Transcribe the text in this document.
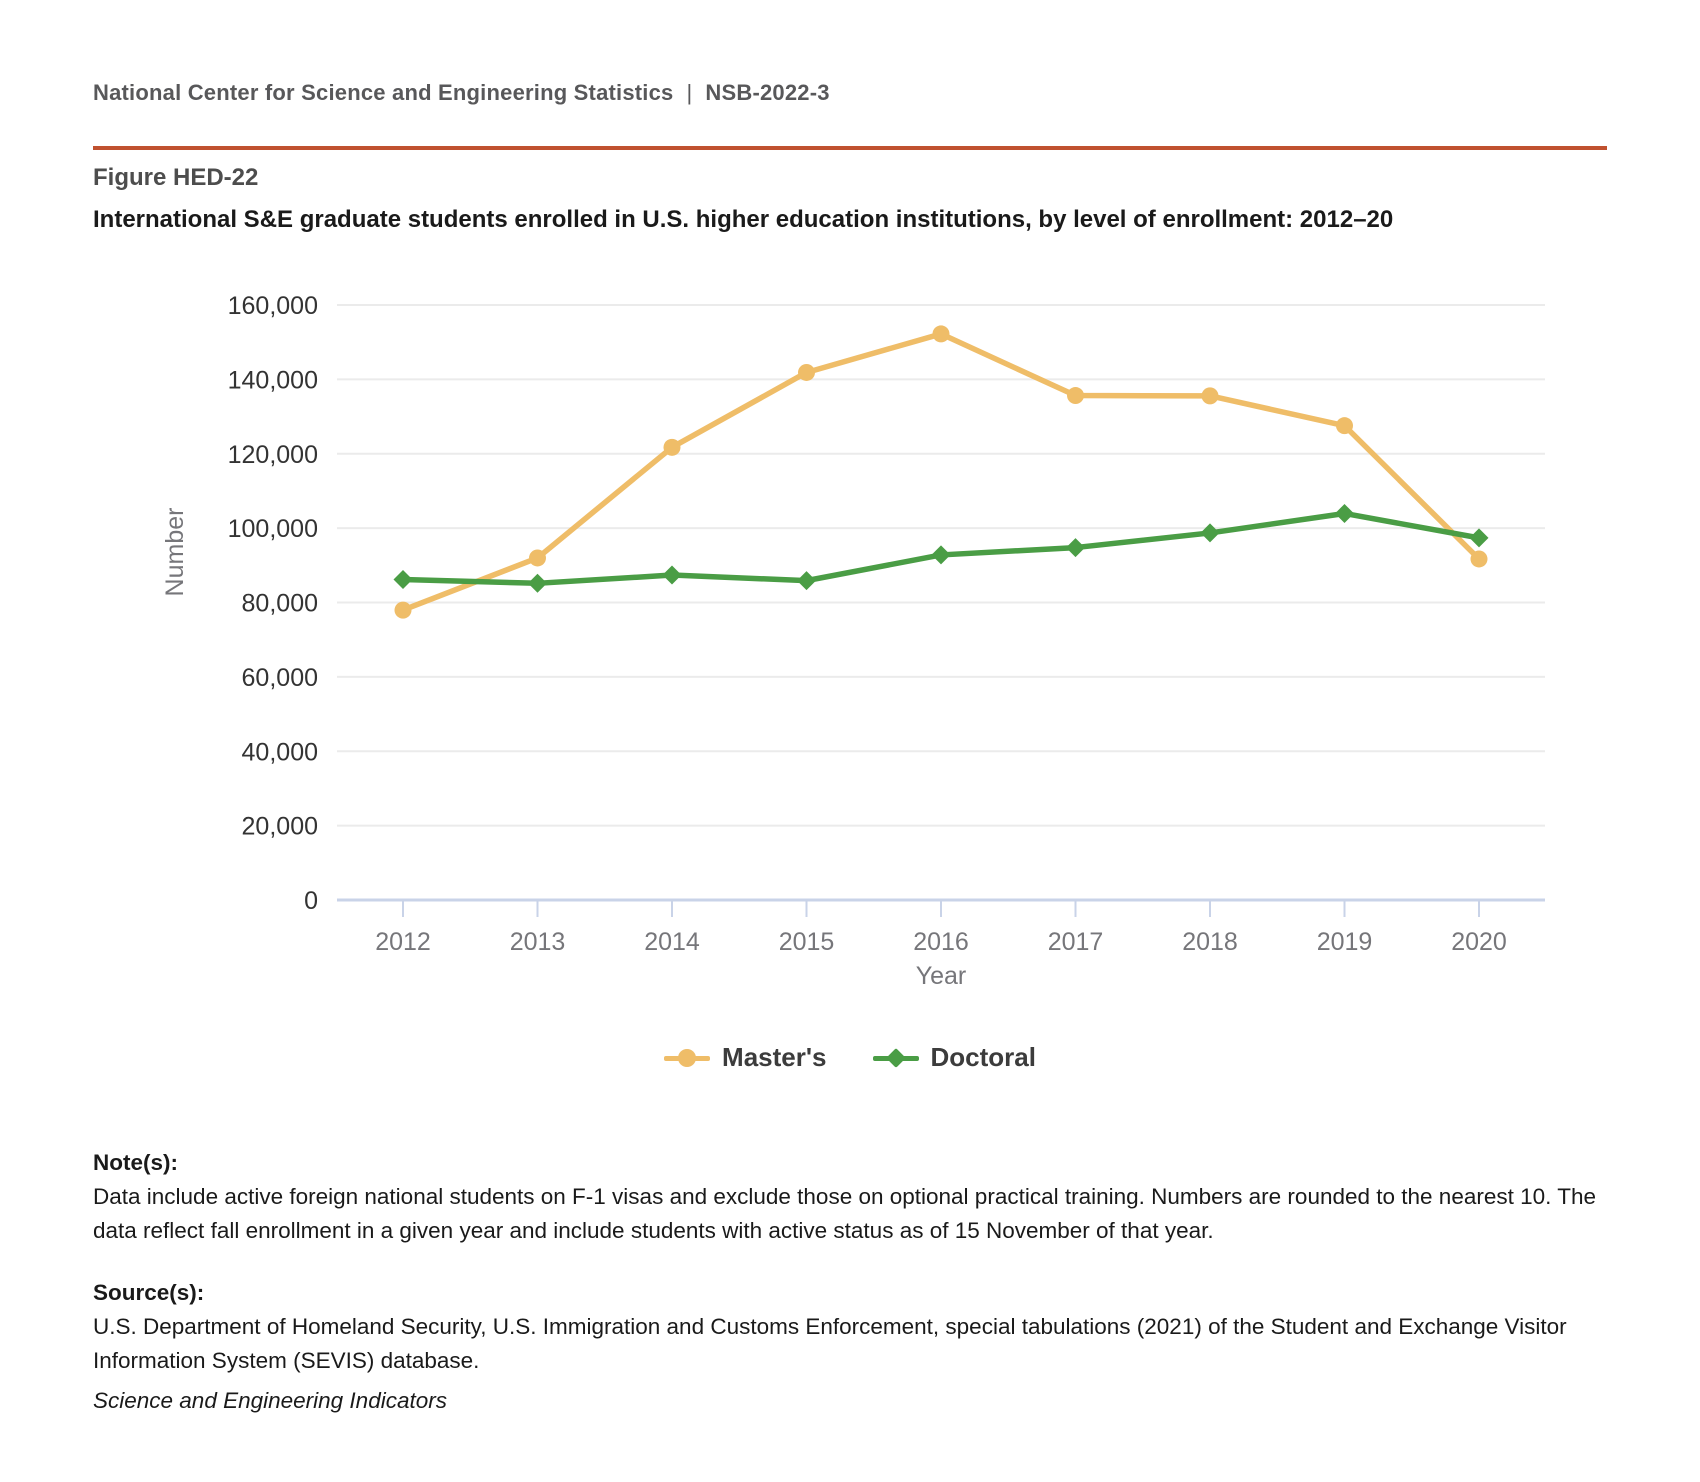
National Center for Science and Engineering Statistics | NSB-2022-3
Figure HED-22
International S&E graduate students enrolled in U.S. higher education institutions, by level of enrollment: 2012–20
0
20,000
40,000
60,000
80,000
100,000
120,000
140,000
160,000
2012	2013	2014	2015	2016	2017	2018	2019	2020
Number
Year
Master's	Doctoral
Note(s):
Data include active foreign national students on F-1 visas and exclude those on optional practical training. Numbers are rounded to the nearest 10. The data reflect fall enrollment in a given year and include students with active status as of 15 November of that year.
Source(s):
U.S. Department of Homeland Security, U.S. Immigration and Customs Enforcement, special tabulations (2021) of the Student and Exchange Visitor Information System (SEVIS) database.
Science and Engineering Indicators
